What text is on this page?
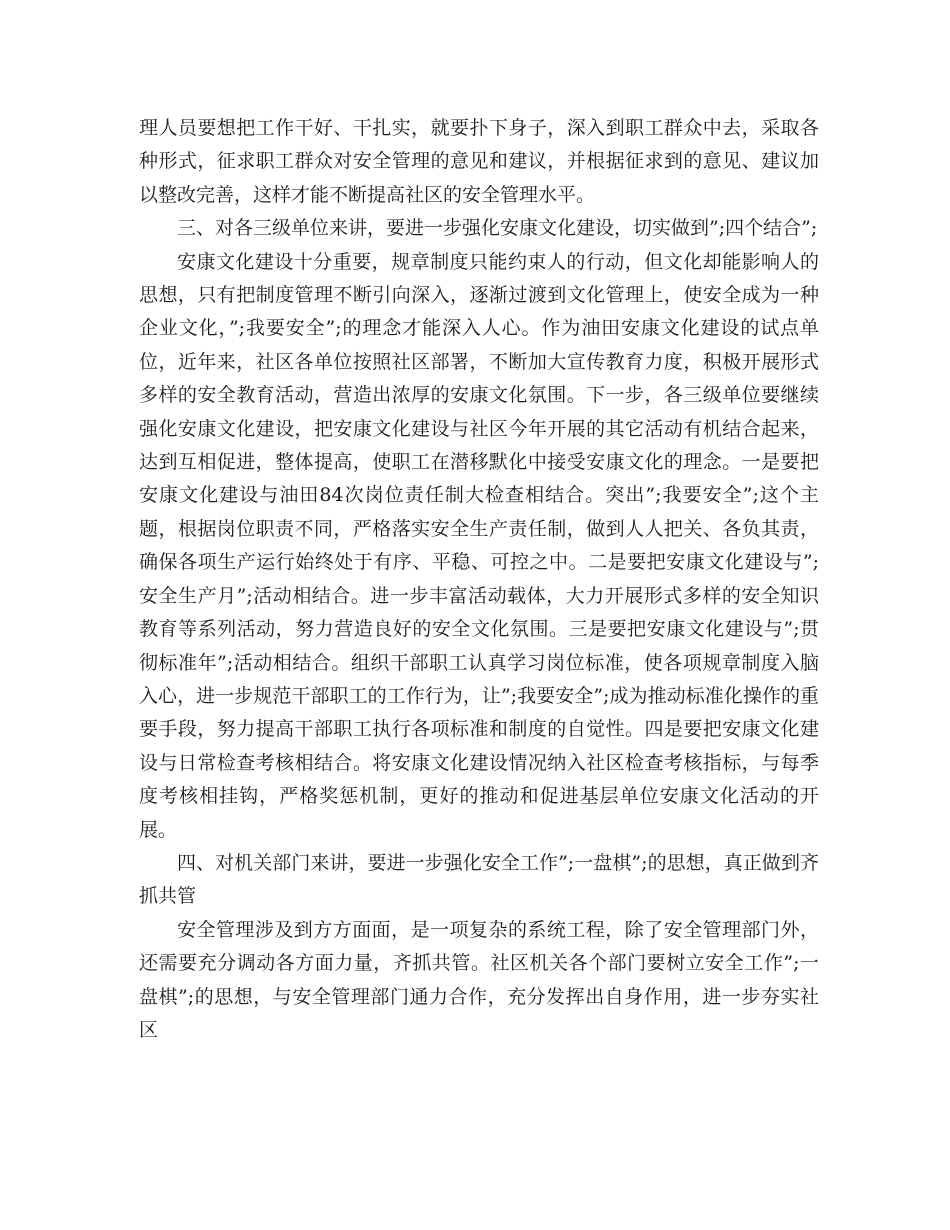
理人员要想把工作干好、干扎实，就要扑下身子，深入到职工群众中去，采取各种形式，征求职工群众对安全管理的意见和建议，并根据征求到的意见、建议加以整改完善，这样才能不断提高社区的安全管理水平。

三、对各三级单位来讲，要进一步强化安康文化建设，切实做到”;四个结合”;

安康文化建设十分重要，规章制度只能约束人的行动，但文化却能影响人的思想，只有把制度管理不断引向深入，逐渐过渡到文化管理上，使安全成为一种企业文化，”;我要安全”;的理念才能深入人心。作为油田安康文化建设的试点单位，近年来，社区各单位按照社区部署，不断加大宣传教育力度，积极开展形式多样的安全教育活动，营造出浓厚的安康文化氛围。下一步，各三级单位要继续强化安康文化建设，把安康文化建设与社区今年开展的其它活动有机结合起来，达到互相促进，整体提高，使职工在潜移默化中接受安康文化的理念。一是要把安康文化建设与油田84次岗位责任制大检查相结合。突出”;我要安全”;这个主题，根据岗位职责不同，严格落实安全生产责任制，做到人人把关、各负其责，确保各项生产运行始终处于有序、平稳、可控之中。二是要把安康文化建设与”;安全生产月”;活动相结合。进一步丰富活动载体，大力开展形式多样的安全知识教育等系列活动，努力营造良好的安全文化氛围。三是要把安康文化建设与”;贯彻标准年”;活动相结合。组织干部职工认真学习岗位标准，使各项规章制度入脑入心，进一步规范干部职工的工作行为，让”;我要安全”;成为推动标准化操作的重要手段，努力提高干部职工执行各项标准和制度的自觉性。四是要把安康文化建设与日常检查考核相结合。将安康文化建设情况纳入社区检查考核指标，与每季度考核相挂钩，严格奖惩机制，更好的推动和促进基层单位安康文化活动的开展。

四、对机关部门来讲，要进一步强化安全工作”;一盘棋”;的思想，真正做到齐抓共管

安全管理涉及到方方面面，是一项复杂的系统工程，除了安全管理部门外，还需要充分调动各方面力量，齐抓共管。社区机关各个部门要树立安全工作”;一盘棋”;的思想，与安全管理部门通力合作，充分发挥出自身作用，进一步夯实社区
